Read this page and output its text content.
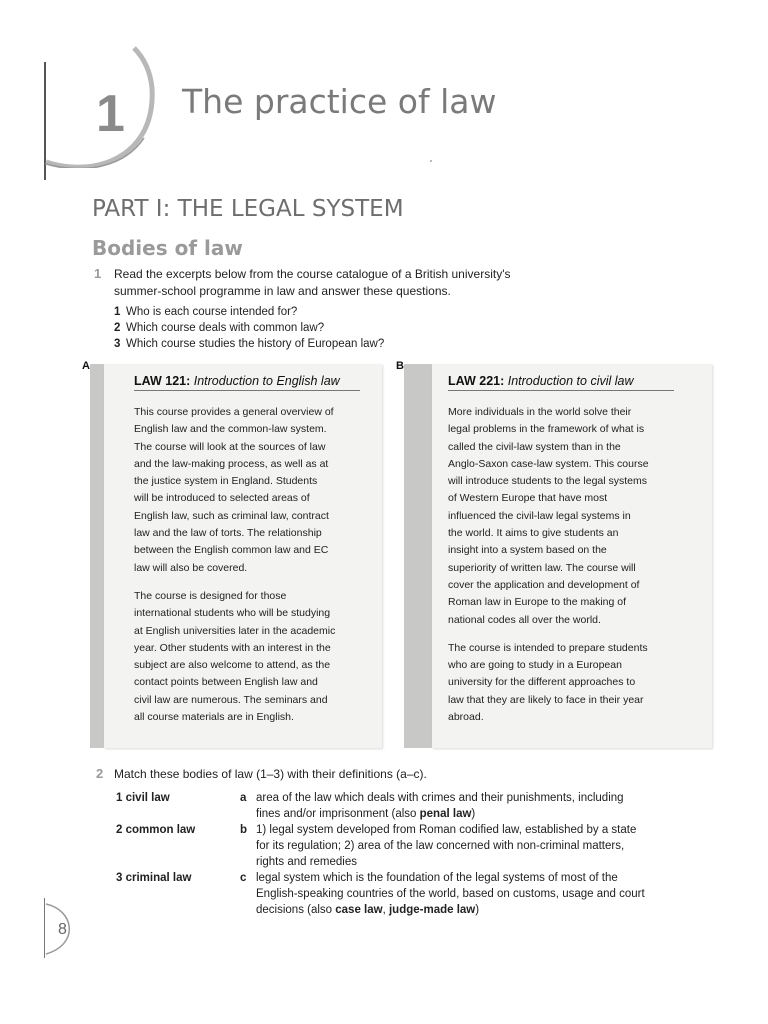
1 The practice of law
PART I: THE LEGAL SYSTEM
Bodies of law
1 Read the excerpts below from the course catalogue of a British university's
summer-school programme in law and answer these questions.
1 Who is each course intended for?
2 Which course deals with common law?
3 Which course studies the history of European law?
A
LAW 121: Introduction to English law

This course provides a general overview of
English law and the common-law system.
The course will look at the sources of law
and the law-making process, as well as at
the justice system in England. Students
will be introduced to selected areas of
English law, such as criminal law, contract
law and the law of torts. The relationship
between the English common law and EC
law will also be covered.

The course is designed for those
international students who will be studying
at English universities later in the academic
year. Other students with an interest in the
subject are also welcome to attend, as the
contact points between English law and
civil law are numerous. The seminars and
all course materials are in English.

B
LAW 221: Introduction to civil law

More individuals in the world solve their
legal problems in the framework of what is
called the civil-law system than in the
Anglo-Saxon case-law system. This course
will introduce students to the legal systems
of Western Europe that have most
influenced the civil-law legal systems in
the world. It aims to give students an
insight into a system based on the
superiority of written law. The course will
cover the application and development of
Roman law in Europe to the making of
national codes all over the world.

The course is intended to prepare students
who are going to study in a European
university for the different approaches to
law that they are likely to face in their year
abroad.

2 Match these bodies of law (1–3) with their definitions (a–c).
1 civil law	a area of the law which deals with crimes and their punishments, including
fines and/or imprisonment (also penal law)
2 common law	b 1) legal system developed from Roman codified law, established by a state
for its regulation; 2) area of the law concerned with non-criminal matters,
rights and remedies
3 criminal law	c legal system which is the foundation of the legal systems of most of the
English-speaking countries of the world, based on customs, usage and court
decisions (also case law, judge-made law)
8
